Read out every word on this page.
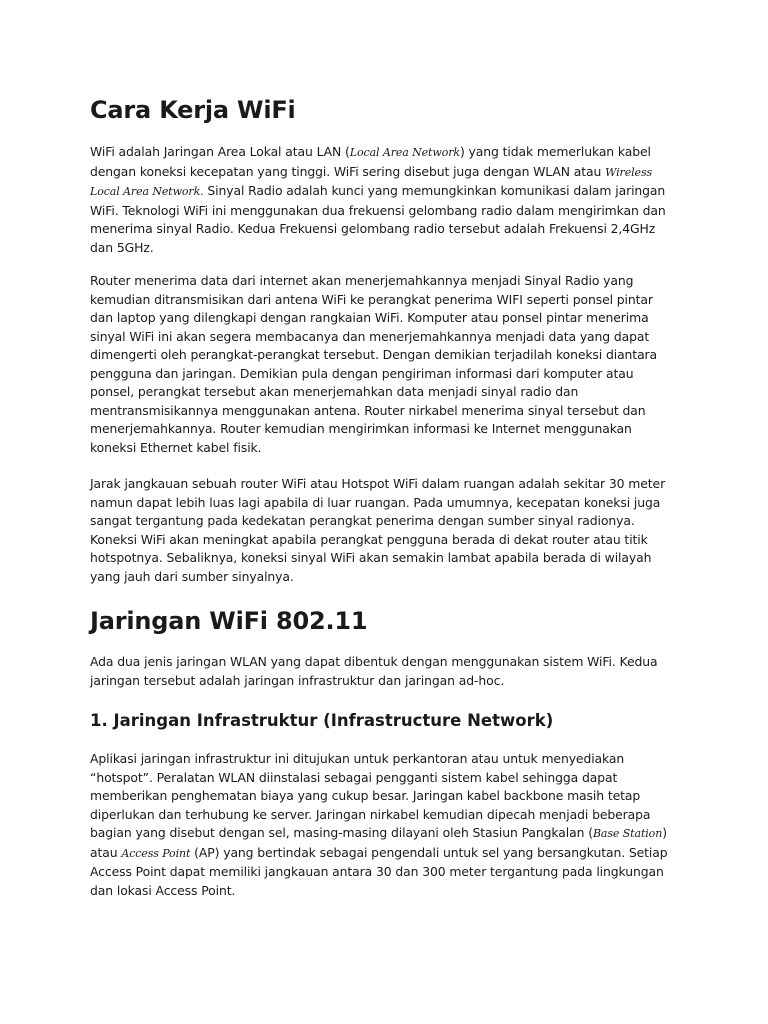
Cara Kerja WiFi

WiFi adalah Jaringan Area Lokal atau LAN (Local Area Network) yang tidak memerlukan kabel
dengan koneksi kecepatan yang tinggi. WiFi sering disebut juga dengan WLAN atau Wireless
Local Area Network. Sinyal Radio adalah kunci yang memungkinkan komunikasi dalam jaringan
WiFi. Teknologi WiFi ini menggunakan dua frekuensi gelombang radio dalam mengirimkan dan
menerima sinyal Radio. Kedua Frekuensi gelombang radio tersebut adalah Frekuensi 2,4GHz
dan 5GHz.

Router menerima data dari internet akan menerjemahkannya menjadi Sinyal Radio yang
kemudian ditransmisikan dari antena WiFi ke perangkat penerima WIFI seperti ponsel pintar
dan laptop yang dilengkapi dengan rangkaian WiFi. Komputer atau ponsel pintar menerima
sinyal WiFi ini akan segera membacanya dan menerjemahkannya menjadi data yang dapat
dimengerti oleh perangkat-perangkat tersebut. Dengan demikian terjadilah koneksi diantara
pengguna dan jaringan. Demikian pula dengan pengiriman informasi dari komputer atau
ponsel, perangkat tersebut akan menerjemahkan data menjadi sinyal radio dan
mentransmisikannya menggunakan antena. Router nirkabel menerima sinyal tersebut dan
menerjemahkannya. Router kemudian mengirimkan informasi ke Internet menggunakan
koneksi Ethernet kabel fisik.

Jarak jangkauan sebuah router WiFi atau Hotspot WiFi dalam ruangan adalah sekitar 30 meter
namun dapat lebih luas lagi apabila di luar ruangan. Pada umumnya, kecepatan koneksi juga
sangat tergantung pada kedekatan perangkat penerima dengan sumber sinyal radionya.
Koneksi WiFi akan meningkat apabila perangkat pengguna berada di dekat router atau titik
hotspotnya. Sebaliknya, koneksi sinyal WiFi akan semakin lambat apabila berada di wilayah
yang jauh dari sumber sinyalnya.

Jaringan WiFi 802.11

Ada dua jenis jaringan WLAN yang dapat dibentuk dengan menggunakan sistem WiFi. Kedua
jaringan tersebut adalah jaringan infrastruktur dan jaringan ad-hoc.

1. Jaringan Infrastruktur (Infrastructure Network)

Aplikasi jaringan infrastruktur ini ditujukan untuk perkantoran atau untuk menyediakan
“hotspot”. Peralatan WLAN diinstalasi sebagai pengganti sistem kabel sehingga dapat
memberikan penghematan biaya yang cukup besar. Jaringan kabel backbone masih tetap
diperlukan dan terhubung ke server. Jaringan nirkabel kemudian dipecah menjadi beberapa
bagian yang disebut dengan sel, masing-masing dilayani oleh Stasiun Pangkalan (Base Station)
atau Access Point (AP) yang bertindak sebagai pengendali untuk sel yang bersangkutan. Setiap
Access Point dapat memiliki jangkauan antara 30 dan 300 meter tergantung pada lingkungan
dan lokasi Access Point.
